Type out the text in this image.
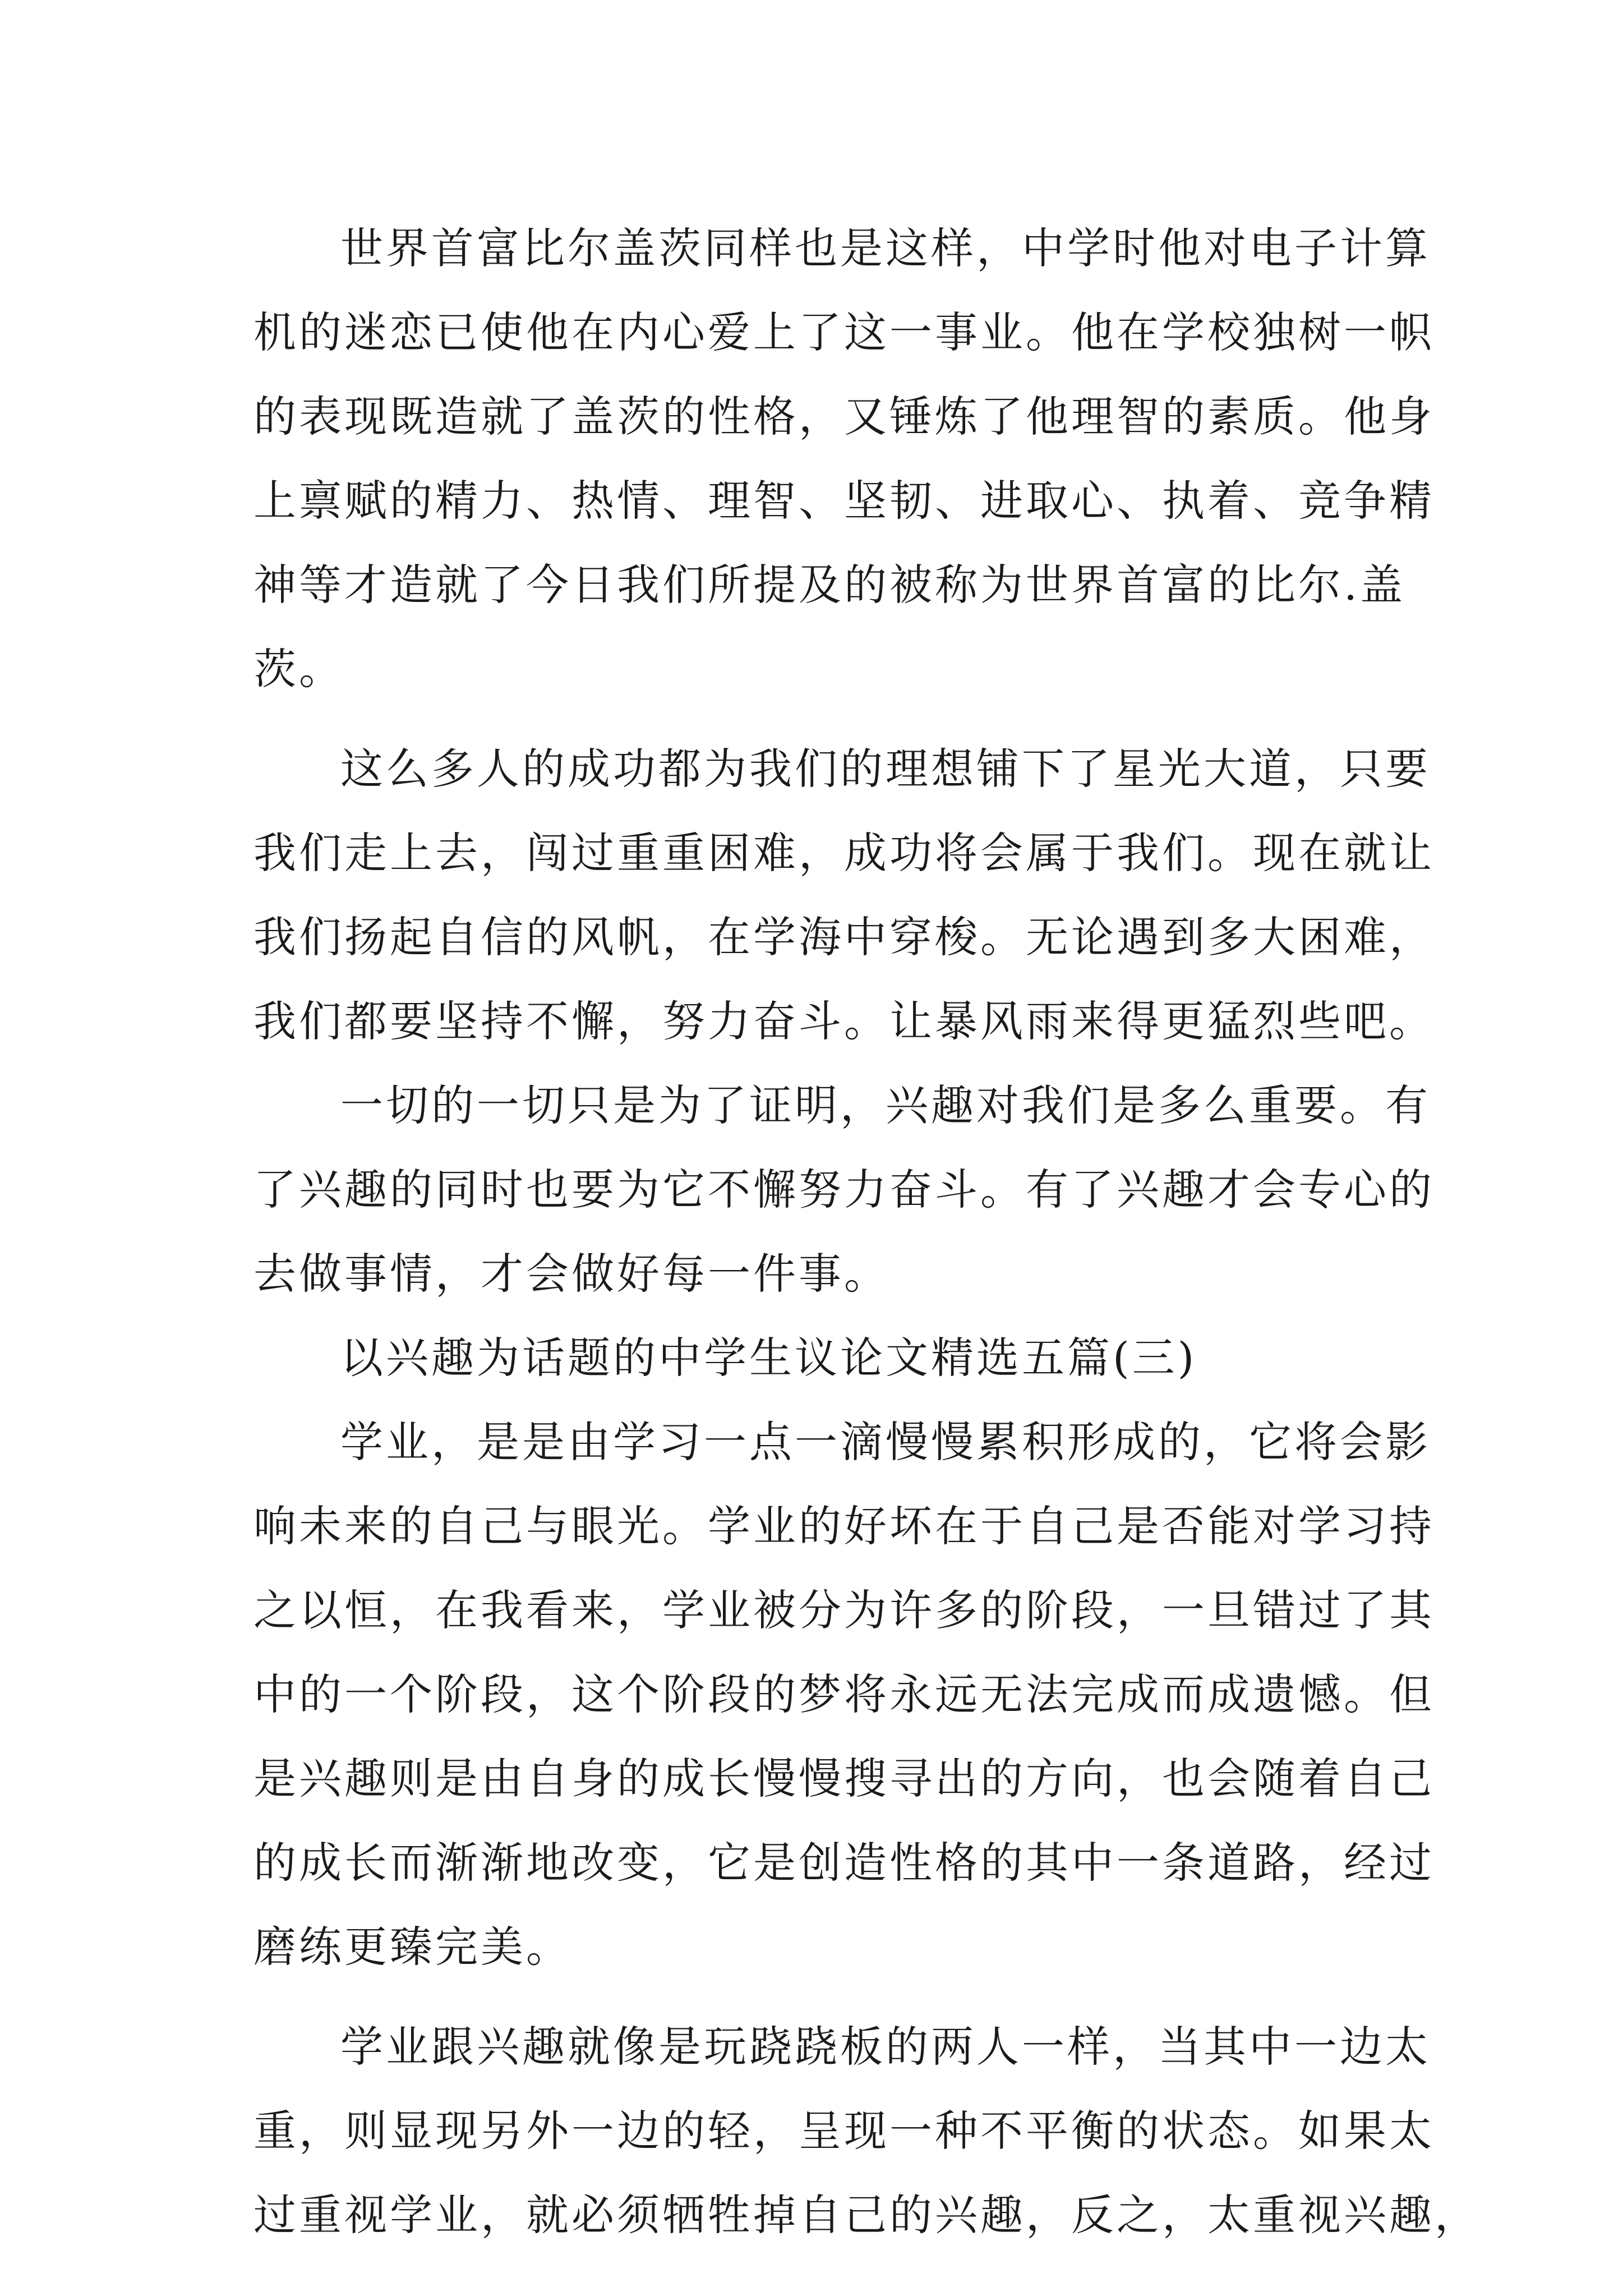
世界首富比尔盖茨同样也是这样，中学时他对电子计算
机的迷恋已使他在内心爱上了这一事业。他在学校独树一帜
的表现既造就了盖茨的性格，又锤炼了他理智的素质。他身
上禀赋的精力、热情、理智、坚韧、进取心、执着、竞争精
神等才造就了今日我们所提及的被称为世界首富的比尔.盖
茨。
这么多人的成功都为我们的理想铺下了星光大道，只要
我们走上去，闯过重重困难，成功将会属于我们。现在就让
我们扬起自信的风帆，在学海中穿梭。无论遇到多大困难，
我们都要坚持不懈，努力奋斗。让暴风雨来得更猛烈些吧。
一切的一切只是为了证明，兴趣对我们是多么重要。有
了兴趣的同时也要为它不懈努力奋斗。有了兴趣才会专心的
去做事情，才会做好每一件事。
以兴趣为话题的中学生议论文精选五篇(三)
学业，是是由学习一点一滴慢慢累积形成的，它将会影
响未来的自己与眼光。学业的好坏在于自己是否能对学习持
之以恒，在我看来，学业被分为许多的阶段，一旦错过了其
中的一个阶段，这个阶段的梦将永远无法完成而成遗憾。但
是兴趣则是由自身的成长慢慢搜寻出的方向，也会随着自己
的成长而渐渐地改变，它是创造性格的其中一条道路，经过
磨练更臻完美。
学业跟兴趣就像是玩跷跷板的两人一样，当其中一边太
重，则显现另外一边的轻，呈现一种不平衡的状态。如果太
过重视学业，就必须牺牲掉自己的兴趣，反之，太重视兴趣，
